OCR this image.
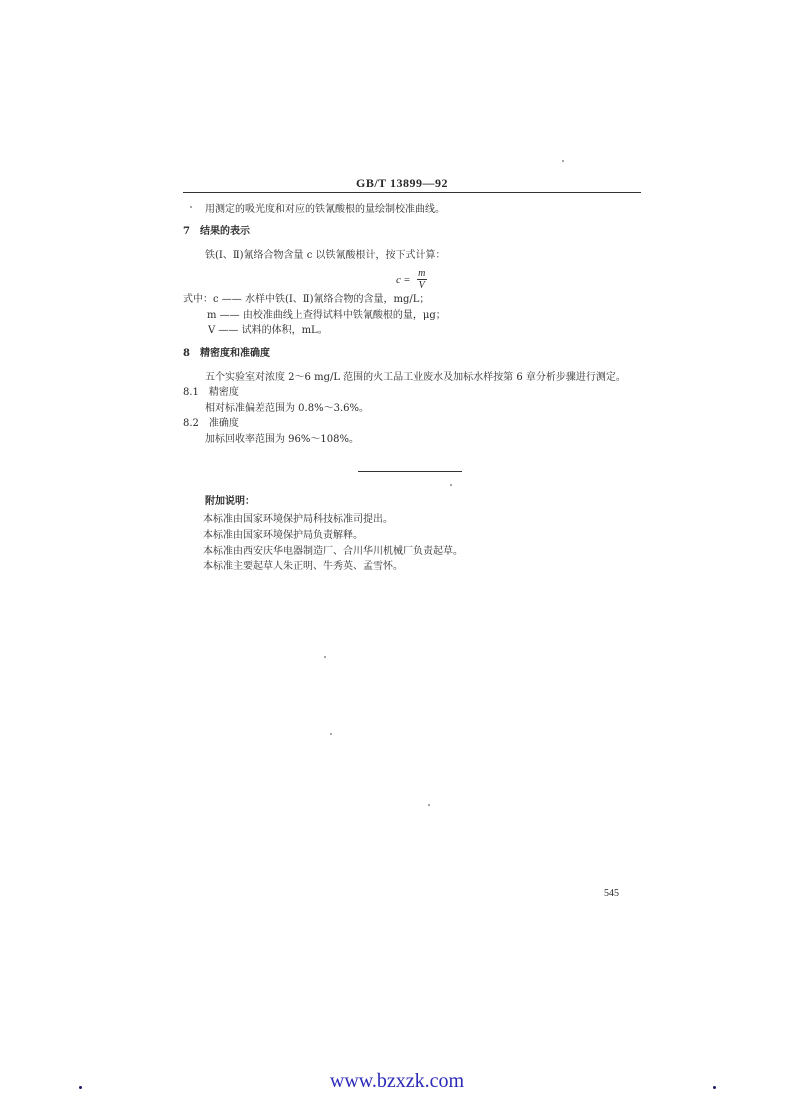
GB/T 13899—92
用测定的吸光度和对应的铁氰酸根的量绘制校准曲线。
7　结果的表示
铁(Ⅰ、Ⅱ)氰络合物含量 c 以铁氰酸根计，按下式计算：
$c = \frac{m}{V}$
式中：c —— 水样中铁(Ⅰ、Ⅱ)氰络合物的含量，mg/L；
m —— 由校准曲线上查得试料中铁氰酸根的量，μg；
V —— 试料的体积，mL。
8　精密度和准确度
五个实验室对浓度 2～6 mg/L 范围的火工品工业废水及加标水样按第 6 章分析步骤进行测定。
8.1　精密度
相对标准偏差范围为 0.8%～3.6%。
8.2　准确度
加标回收率范围为 96%～108%。
附加说明：
本标准由国家环境保护局科技标准司提出。
本标准由国家环境保护局负责解释。
本标准由西安庆华电器制造厂、合川华川机械厂负责起草。
本标准主要起草人朱正明、牛秀英、孟雪怀。
545
www.bzxzk.com
